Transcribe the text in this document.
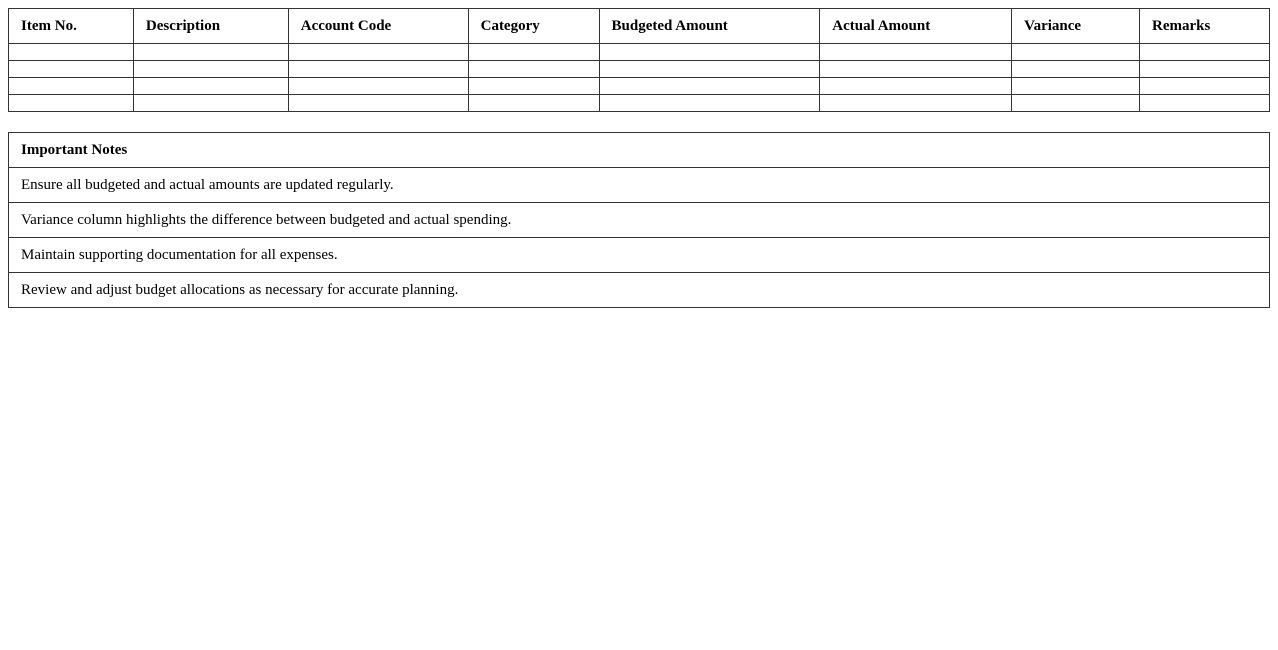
Item No.	Description	Account Code	Category	Budgeted Amount	Actual Amount	Variance	Remarks

Important Notes
Ensure all budgeted and actual amounts are updated regularly.
Variance column highlights the difference between budgeted and actual spending.
Maintain supporting documentation for all expenses.
Review and adjust budget allocations as necessary for accurate planning.
